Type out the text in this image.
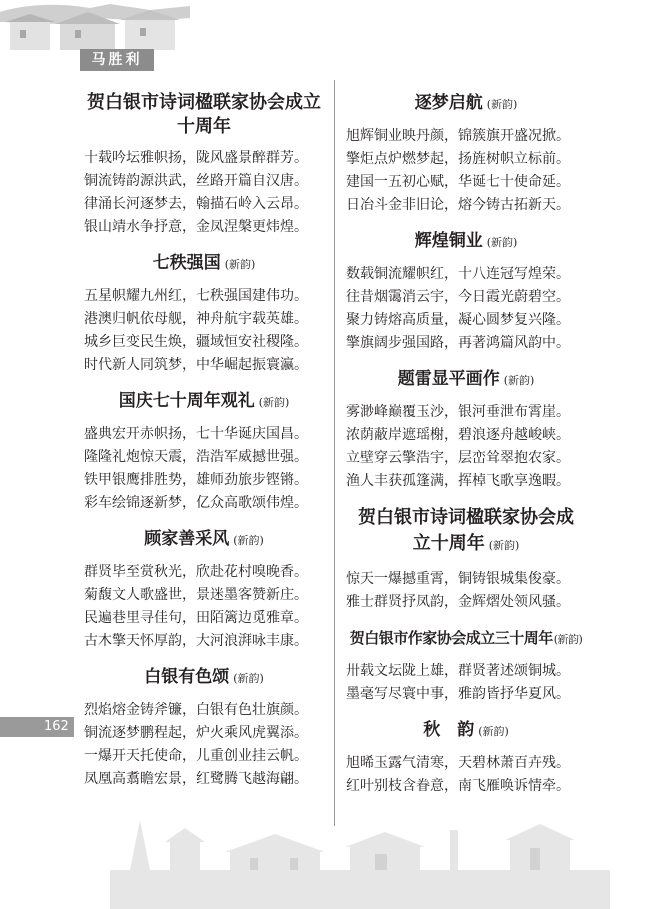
马胜利
贺白银市诗词楹联家协会成立十周年
十载吟坛雅帜扬，陇风盛景醉群芳。
铜流铸韵源洪武，丝路开篇自汉唐。
律涌长河逐梦去，翰描石岭入云昂。
银山靖水争抒意，金凤涅槃更炜煌。
七秩强国 (新韵)
五星帜耀九州红，七秩强国建伟功。
港澳归帆依母舰，神舟航宇载英雄。
城乡巨变民生焕，疆域恒安社稷隆。
时代新人同筑梦，中华崛起振寰瀛。
国庆七十周年观礼 (新韵)
盛典宏开赤帜扬，七十华诞庆国昌。
隆隆礼炮惊天震，浩浩军威撼世强。
铁甲银鹰排胜势，雄师劲旅步铿锵。
彩车绘锦逐新梦，亿众高歌颂伟煌。
顾家善采风 (新韵)
群贤毕至赏秋光，欣赴花村嗅晚香。
菊馥文人歌盛世，景迷墨客赞新庄。
民遍巷里寻佳句，田陌篱边觅雅章。
古木擎天怀厚韵，大河浪湃咏丰康。
白银有色颂 (新韵)
烈焰熔金铸斧镰，白银有色壮旗颜。
铜流逐梦鹏程起，炉火乘风虎翼添。
一爆开天托使命，儿重创业挂云帆。
凤凰高翥瞻宏景，红鹭腾飞越海翩。
逐梦启航 (新韵)
旭辉铜业映丹颜，锦簇旗开盛况掀。
擎炬点炉燃梦起，扬旌树帜立标前。
建国一五初心赋，华诞七十使命延。
日冶斗金非旧论，熔今铸古拓新天。
辉煌铜业 (新韵)
数载铜流耀帜红，十八连冠写煌荣。
往昔烟霭消云宇，今日霞光蔚碧空。
聚力铸熔高质量，凝心圆梦复兴隆。
擎旗阔步强国路，再著鸿篇风韵中。
题雷显平画作 (新韵)
雾渺峰巅覆玉沙，银河垂泄布霄崖。
浓荫蔽岸遮瑶榭，碧浪逐舟越峻峡。
立壁穿云擎浩宇，层峦耸翠抱农家。
渔人丰获孤篷满，挥棹飞歌享逸暇。
贺白银市诗词楹联家协会成
立十周年 (新韵)
惊天一爆撼重霄，铜铸银城集俊豪。
雅士群贤抒凤韵，金辉熠处领风骚。
贺白银市作家协会成立三十周年(新韵)
卅载文坛陇上雄，群贤著述颂铜城。
墨毫写尽寰中事，雅韵皆抒华夏风。
秋　韵 (新韵)
旭晞玉露气清寒，天碧林萧百卉残。
红叶别枝含眷意，南飞雁唤诉情牵。
162
